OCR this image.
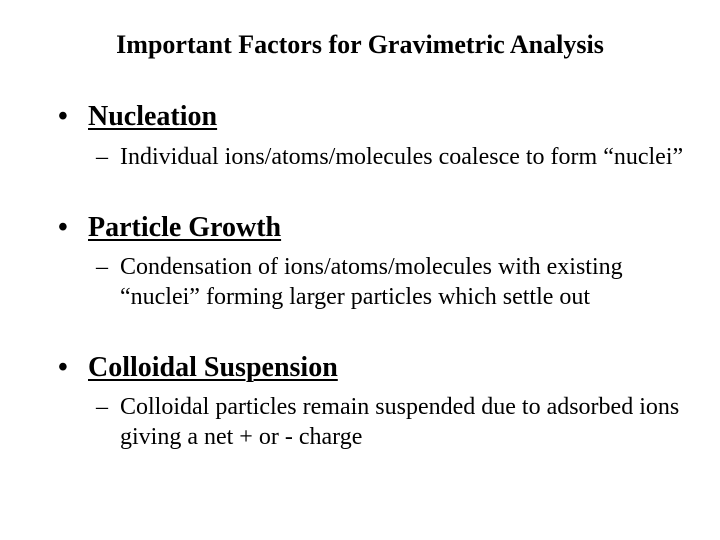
Important Factors for Gravimetric Analysis
• Nucleation
– Individual ions/atoms/molecules coalesce to form “nuclei”
• Particle Growth
– Condensation of ions/atoms/molecules with existing “nuclei” forming larger particles which settle out
• Colloidal Suspension
– Colloidal particles remain suspended due to adsorbed ions giving a net + or - charge
